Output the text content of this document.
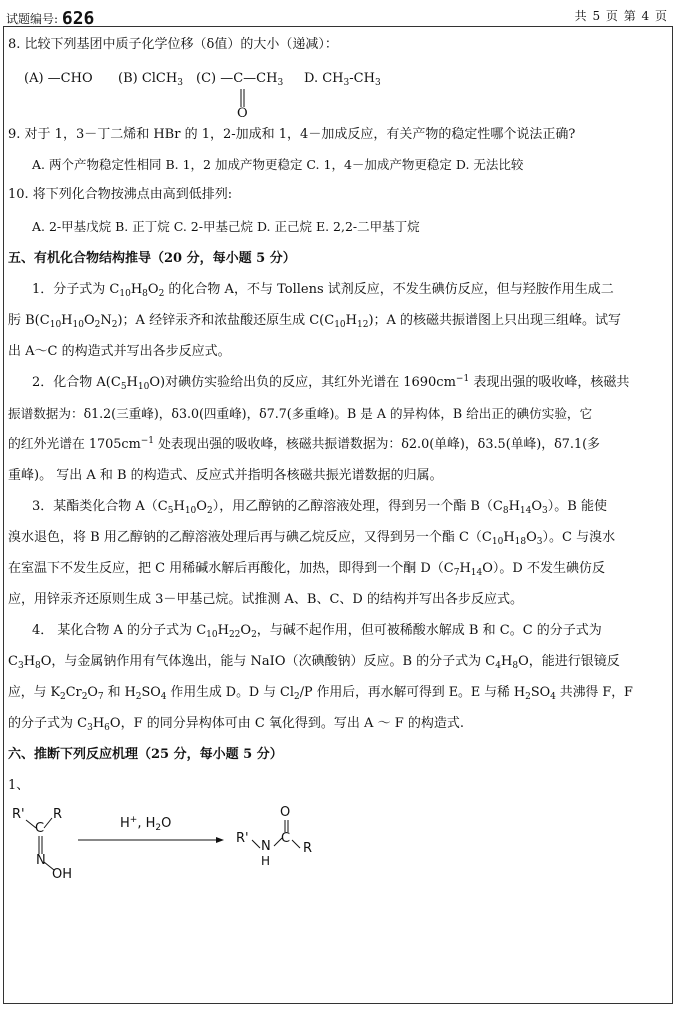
试题编号: 626	共 5 页 第 4 页
8. 比较下列基团中质子化学位移（δ值）的大小（递减）：
(A) —CHO (B) ClCH$_3$ (C) $—C—CH_3$
O
D. $CH_3-CH_3$
9. 对于 1，3－丁二烯和 HBr 的 1，2-加成和 1，4－加成反应，有关产物的稳定性哪个说法正确?
A. 两个产物稳定性相同 B. 1，2 加成产物更稳定 C. 1，4－加成产物更稳定 D. 无法比较
10. 将下列化合物按沸点由高到低排列:
A. 2-甲基戊烷 B. 正丁烷 C. 2-甲基己烷 D. 正己烷 E. 2,2-二甲基丁烷
五、有机化合物结构推导（20 分，每小题 5 分）
1．分子式为 $C_{10}H_8O_2$ 的化合物 A，不与 Tollens 试剂反应，不发生碘仿反应，但与羟胺作用生成二
肟 $B(C_{10}H_{10}O_2N_2)$；A 经锌汞齐和浓盐酸还原生成 $C(C_{10}H_{12})$；A 的核磁共振谱图上只出现三组峰。试写
出 A～C 的构造式并写出各步反应式。
2．化合物 $A(C_5H_{10}O)$对碘仿实验给出负的反应，其红外光谱在 $1690cm^{-1}$ 表现出强的吸收峰，核磁共
振谱数据为：δ1.2(三重峰)，δ3.0(四重峰)，δ7.7(多重峰)。B 是 A 的异构体，B 给出正的碘仿实验，它
的红外光谱在 $1705cm^{-1}$ 处表现出强的吸收峰，核磁共振谱数据为：δ2.0(单峰)，δ3.5(单峰)，δ7.1(多
重峰)。 写出 A 和 B 的构造式、反应式并指明各核磁共振光谱数据的归属。
3．某酯类化合物 $A(C_5H_{10}O_2)$，用乙醇钠的乙醇溶液处理，得到另一个酯 $B(C_8H_{14}O_3)$。B 能使
溴水退色，将 B 用乙醇钠的乙醇溶液处理后再与碘乙烷反应，又得到另一个酯 $C(C_{10}H_{18}O_3)$。C 与溴水
在室温下不发生反应，把 C 用稀碱水解后再酸化，加热，即得到一个酮 $D(C_7H_{14}O)$。D 不发生碘仿反
应，用锌汞齐还原则生成 3－甲基己烷。试推测 A、B、C、D 的结构并写出各步反应式。
4． 某化合物 A 的分子式为 $C_{10}H_{22}O_2$，与碱不起作用，但可被稀酸水解成 B 和 C。C 的分子式为
$C_3H_8O$，与金属钠作用有气体逸出，能与 NaIO（次碘酸钠）反应。B 的分子式为 $C_4H_8O$，能进行银镜反
应，与 $K_2Cr_2O_7$ 和 $H_2SO_4$ 作用生成 D。D 与 $Cl_2/P$ 作用后，再水解可得到 E。E 与稀 $H_2SO_4$ 共沸得 F，F
的分子式为 $C_3H_6O$，F 的同分异构体可由 C 氧化得到。写出 A ～ F 的构造式.
六、推断下列反应机理（25 分，每小题 5 分）
1、
R' R
C
N
OH
H+, $H_2O$
R'
N
H
C
O
R
